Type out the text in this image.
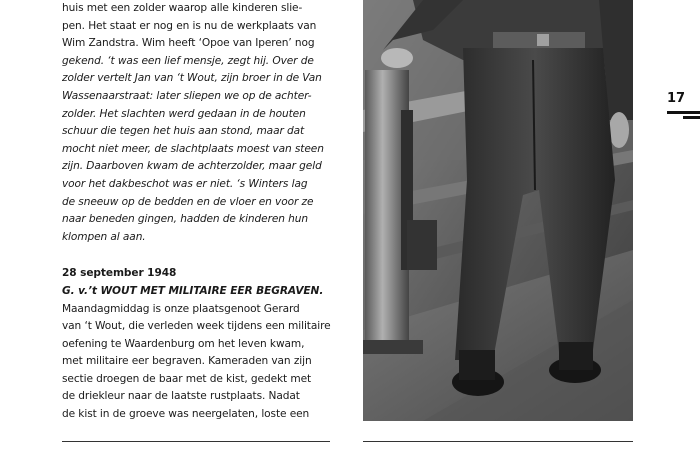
huis met een zolder waarop alle kinderen slie-
pen. Het staat er nog en is nu de werkplaats van
Wim Zandstra. Wim heeft ‘Opoe van Iperen’ nog
gekend. ‘t was een lief mensje, zegt hij. Over de
zolder vertelt Jan van ‘t Wout, zijn broer in de Van
Wassenaarstraat: later sliepen we op de achter-
zolder. Het slachten werd gedaan in de houten
schuur die tegen het huis aan stond, maar dat
mocht niet meer, de slachtplaats moest van steen
zijn. Daarboven kwam de achterzolder, maar geld
voor het dakbeschot was er niet. ‘s Winters lag
de sneeuw op de bedden en de vloer en voor ze
naar beneden gingen, hadden de kinderen hun
klompen al aan.
28 september 1948
G. v.’t WOUT MET MILITAIRE EER BEGRAVEN.
Maandagmiddag is onze plaatsgenoot Gerard
van ‘t Wout, die verleden week tijdens een militaire
oefening te Waardenburg om het leven kwam,
met militaire eer begraven. Kameraden van zijn
sectie droegen de baar met de kist, gedekt met
de driekleur naar de laatste rustplaats. Nadat
de kist in de groeve was neergelaten, loste een
17
